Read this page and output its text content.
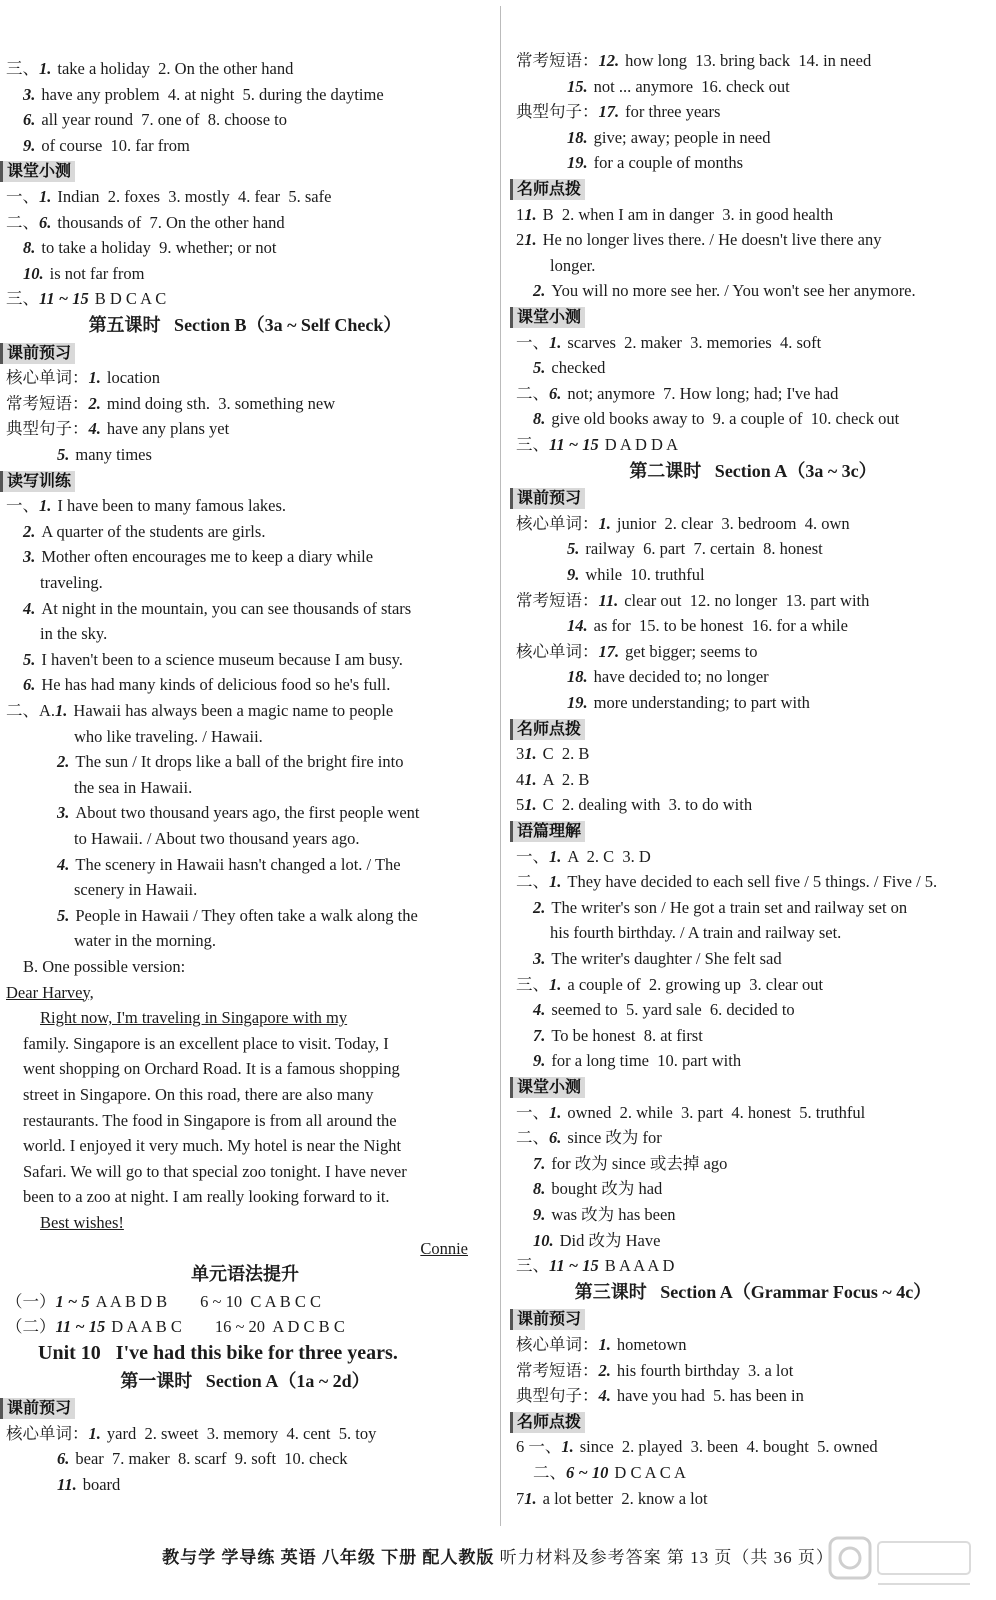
三、1. take a holiday  2. On the other hand
3. have any problem  4. at night  5. during the daytime
6. all year round  7. one of  8. choose to
9. of course  10. far from
课堂小测
一、1. Indian  2. foxes  3. mostly  4. fear  5. safe
二、6. thousands of  7. On the other hand
8. to take a holiday  9. whether; or not
10. is not far from
三、11 ~ 15 B D C A C
第五课时   Section B（3a ~ Self Check）
课前预习
核心单词：1. location
常考短语：2. mind doing sth.  3. something new
典型句子：4. have any plans yet
5. many times
读写训练
一、1. I have been to many famous lakes.
2. A quarter of the students are girls.
3. Mother often encourages me to keep a diary while
traveling.
4. At night in the mountain, you can see thousands of stars
in the sky.
5. I haven't been to a science museum because I am busy.
6. He has had many kinds of delicious food so he's full.
二、A.1. Hawaii has always been a magic name to people
who like traveling. / Hawaii.
2. The sun / It drops like a ball of the bright fire into
the sea in Hawaii.
3. About two thousand years ago, the first people went
to Hawaii. / About two thousand years ago.
4. The scenery in Hawaii hasn't changed a lot. / The
scenery in Hawaii.
5. People in Hawaii / They often take a walk along the
water in the morning.
B. One possible version:
Dear Harvey,
Right now, I'm traveling in Singapore with my
family. Singapore is an excellent place to visit. Today, I
went shopping on Orchard Road. It is a famous shopping
street in Singapore. On this road, there are also many
restaurants. The food in Singapore is from all around the
world. I enjoyed it very much. My hotel is near the Night
Safari. We will go to that special zoo tonight. I have never
been to a zoo at night. I am really looking forward to it.
Best wishes!
Connie
单元语法提升
（一）1 ~ 5 A A B D B        6 ~ 10  C A B C C
（二）11 ~ 15 D A A B C        16 ~ 20  A D C B C
Unit 10   I've had this bike for three years.
第一课时   Section A（1a ~ 2d）
课前预习
核心单词：1. yard  2. sweet  3. memory  4. cent  5. toy
6. bear  7. maker  8. scarf  9. soft  10. check
11. board
常考短语：12. how long  13. bring back  14. in need
15. not ... anymore  16. check out
典型句子：17. for three years
18. give; away; people in need
19. for a couple of months
名师点拨
11. B  2. when I am in danger  3. in good health
21. He no longer lives there. / He doesn't live there any
longer.
2. You will no more see her. / You won't see her anymore.
课堂小测
一、1. scarves  2. maker  3. memories  4. soft
5. checked
二、6. not; anymore  7. How long; had; I've had
8. give old books away to  9. a couple of  10. check out
三、11 ~ 15 D A D D A
第二课时   Section A（3a ~ 3c）
课前预习
核心单词：1. junior  2. clear  3. bedroom  4. own
5. railway  6. part  7. certain  8. honest
9. while  10. truthful
常考短语：11. clear out  12. no longer  13. part with
14. as for  15. to be honest  16. for a while
核心单词：17. get bigger; seems to
18. have decided to; no longer
19. more understanding; to part with
名师点拨
31. C  2. B
41. A  2. B
51. C  2. dealing with  3. to do with
语篇理解
一、1. A  2. C  3. D
二、1. They have decided to each sell five / 5 things. / Five / 5.
2. The writer's son / He got a train set and railway set on
his fourth birthday. / A train and railway set.
3. The writer's daughter / She felt sad
三、1. a couple of  2. growing up  3. clear out
4. seemed to  5. yard sale  6. decided to
7. To be honest  8. at first
9. for a long time  10. part with
课堂小测
一、1. owned  2. while  3. part  4. honest  5. truthful
二、6. since 改为 for
7. for 改为 since 或去掉 ago
8. bought 改为 had
9. was 改为 has been
10. Did 改为 Have
三、11 ~ 15 B A A A D
第三课时   Section A（Grammar Focus ~ 4c）
课前预习
核心单词：1. hometown
常考短语：2. his fourth birthday  3. a lot
典型句子：4. have you had  5. has been in
名师点拨
6 一、1. since  2. played  3. been  4. bought  5. owned
二、6 ~ 10 D C A C A
71. a lot better  2. know a lot
教与学 学导练 英语 八年级 下册 配人教版 听力材料及参考答案 第 13 页（共 36 页）
